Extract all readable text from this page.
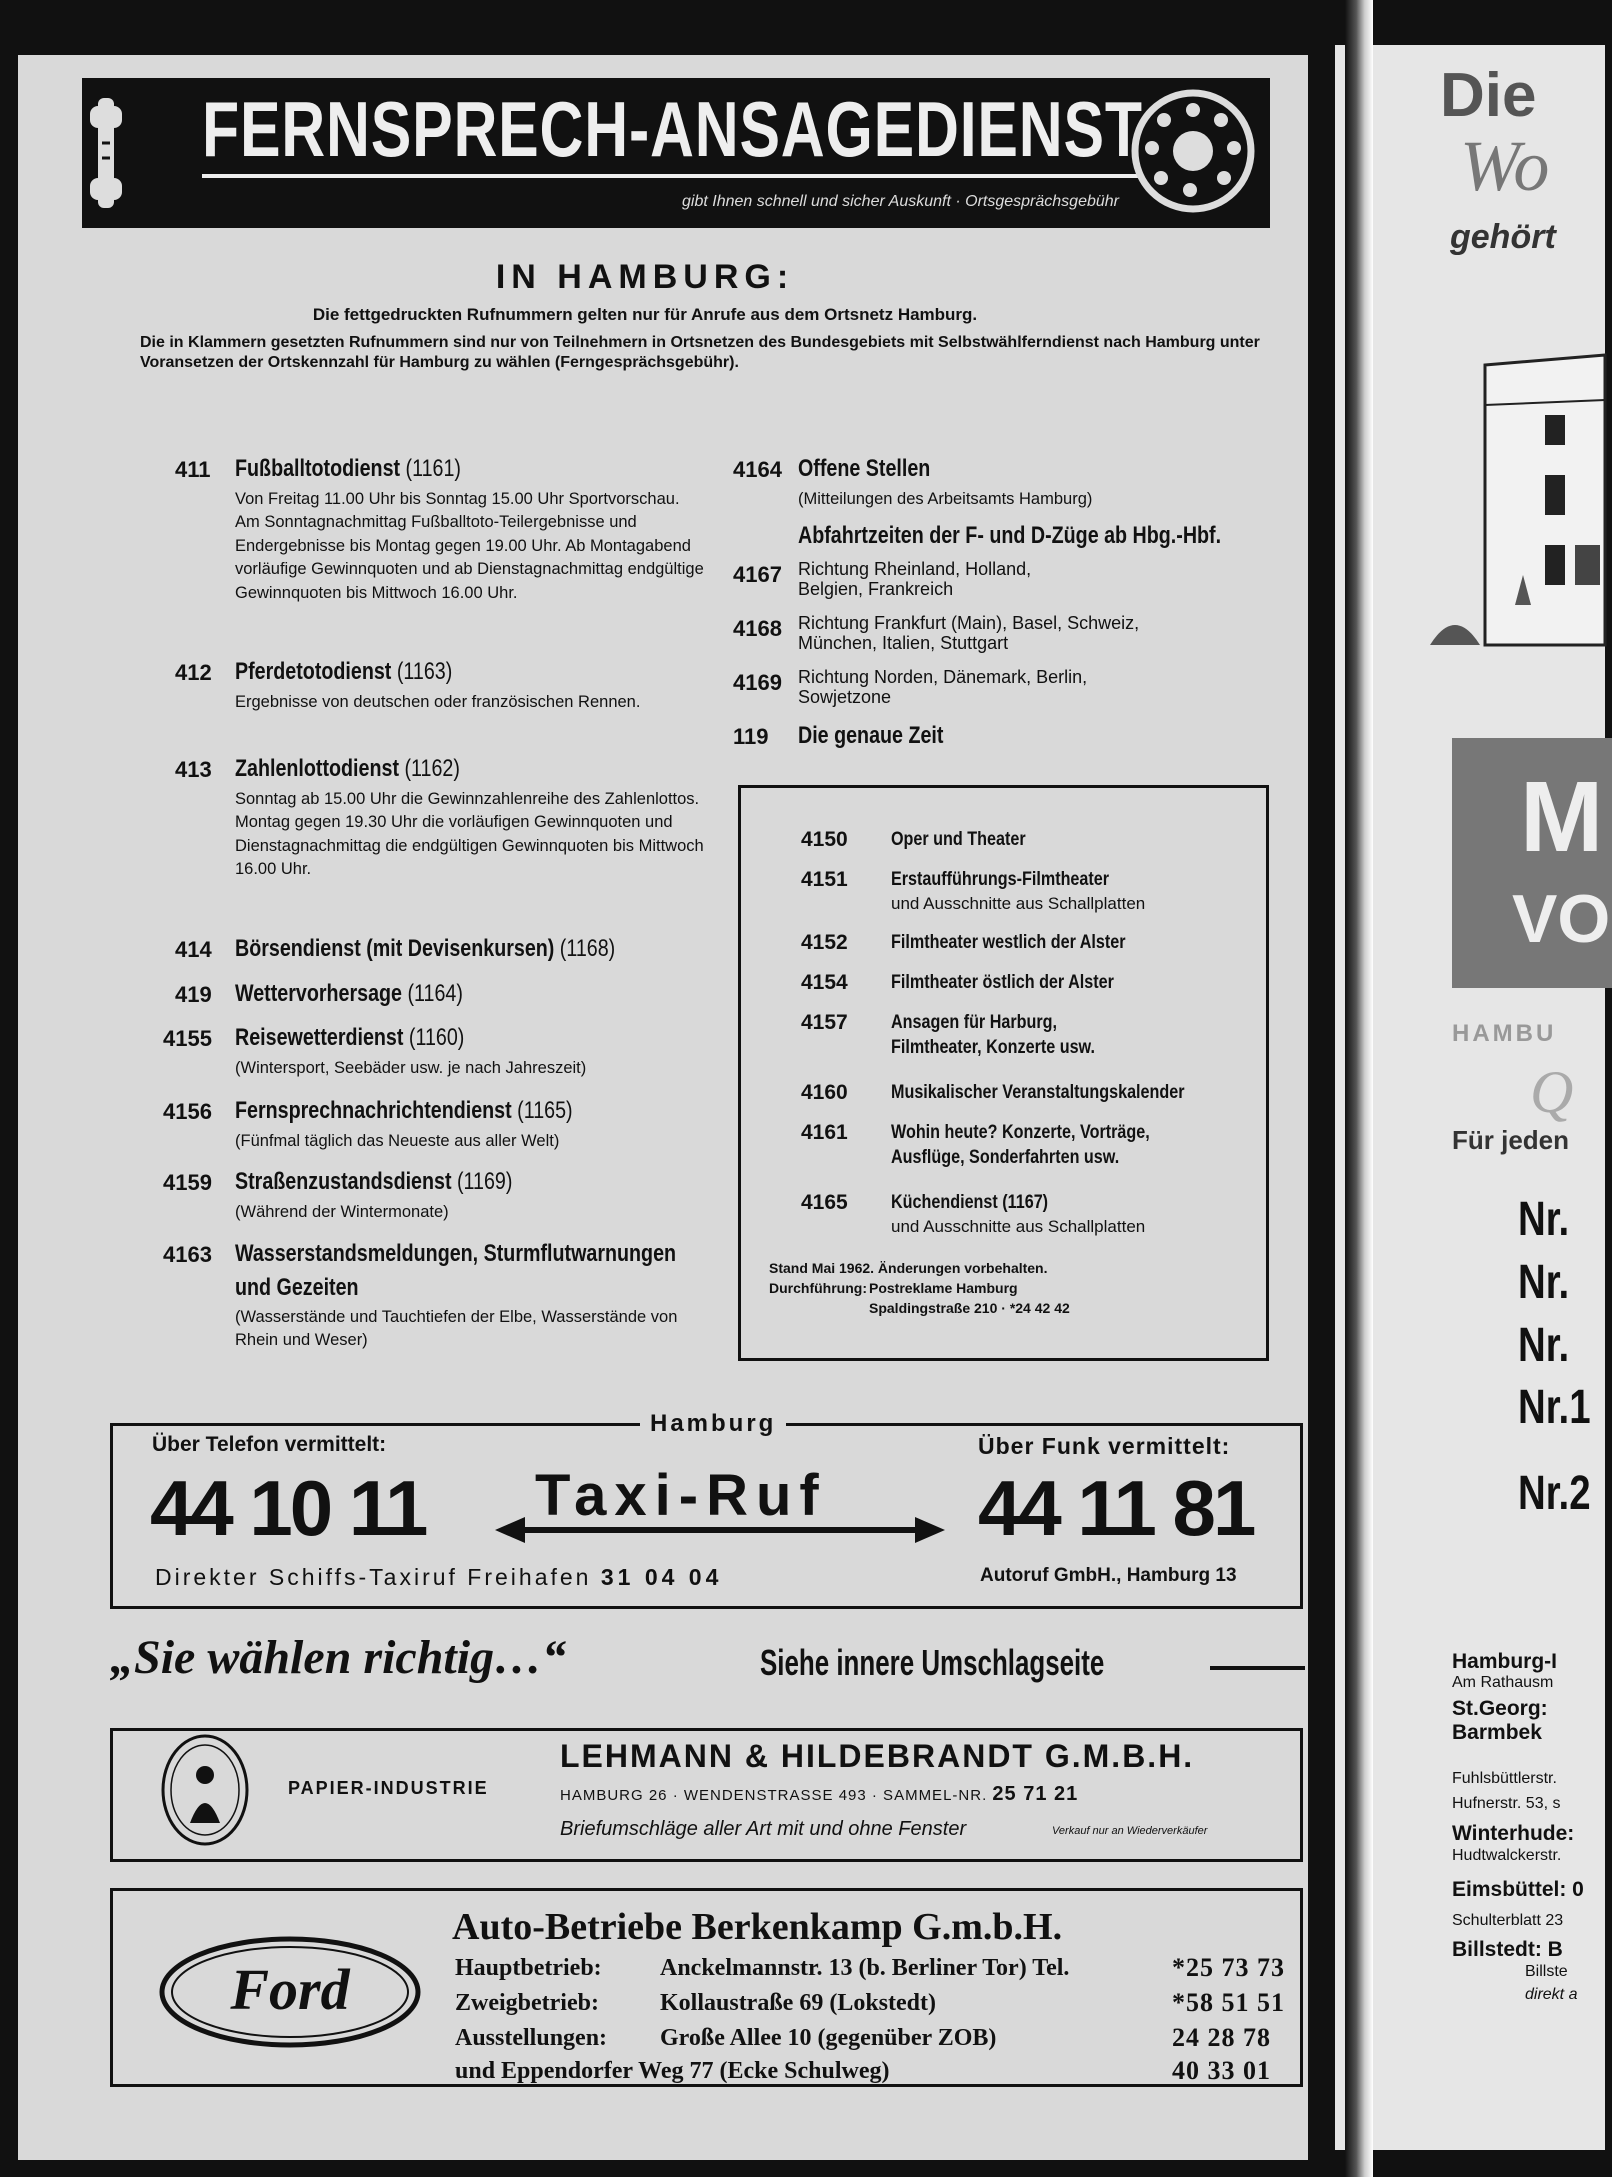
FERNSPRECH-ANSAGEDIENST
gibt Ihnen schnell und sicher Auskunft · Ortsgesprächsgebühr
IN HAMBURG:
Die fettgedruckten Rufnummern gelten nur für Anrufe aus dem Ortsnetz Hamburg.
Die in Klammern gesetzten Rufnummern sind nur von Teilnehmern in Ortsnetzen des Bundesgebiets mit Selbstwählferndienst nach Hamburg unter Voransetzen der Ortskennzahl für Hamburg zu wählen (Ferngesprächsgebühr).
411 Fußballtotodienst (1161)
Von Freitag 11.00 Uhr bis Sonntag 15.00 Uhr Sportvorschau. Am Sonntagnachmittag Fußballtoto-Teilergebnisse und Endergebnisse bis Montag gegen 19.00 Uhr. Ab Montagabend vorläufige Gewinnquoten und ab Dienstagnachmittag endgültige Gewinnquoten bis Mittwoch 16.00 Uhr.
412 Pferdetotodienst (1163)
Ergebnisse von deutschen oder französischen Rennen.
413 Zahlenlottodienst (1162)
Sonntag ab 15.00 Uhr die Gewinnzahlenreihe des Zahlenlottos. Montag gegen 19.30 Uhr die vorläufigen Gewinnquoten und Dienstagnachmittag die endgültigen Gewinnquoten bis Mittwoch 16.00 Uhr.
414 Börsendienst (mit Devisenkursen) (1168)
419 Wettervorhersage (1164)
4155 Reisewetterdienst (1160)
(Wintersport, Seebäder usw. je nach Jahreszeit)
4156 Fernsprechnachrichtendienst (1165)
(Fünfmal täglich das Neueste aus aller Welt)
4159 Straßenzustandsdienst (1169)
(Während der Wintermonate)
4163 Wasserstandsmeldungen, Sturmflutwarnungen
und Gezeiten
(Wasserstände und Tauchtiefen der Elbe, Wasserstände von Rhein und Weser)
4164 Offene Stellen
(Mitteilungen des Arbeitsamts Hamburg)
Abfahrtzeiten der F- und D-Züge ab Hbg.-Hbf.
4167 Richtung Rheinland, Holland, Belgien, Frankreich
4168 Richtung Frankfurt (Main), Basel, Schweiz, München, Italien, Stuttgart
4169 Richtung Norden, Dänemark, Berlin, Sowjetzone
119 Die genaue Zeit
4150 Oper und Theater
4151 Erstaufführungs-Filmtheater
und Ausschnitte aus Schallplatten
4152 Filmtheater westlich der Alster
4154 Filmtheater östlich der Alster
4157 Ansagen für Harburg, Filmtheater, Konzerte usw.
4160 Musikalischer Veranstaltungskalender
4161 Wohin heute? Konzerte, Vorträge, Ausflüge, Sonderfahrten usw.
4165 Küchendienst (1167)
und Ausschnitte aus Schallplatten
Stand Mai 1962. Änderungen vorbehalten.
Durchführung: Postreklame Hamburg
Spaldingstraße 210 · *24 42 42
Hamburg
Über Telefon vermittelt:
44 10 11 Taxi-Ruf
Über Funk vermittelt:
44 11 81
Direkter Schiffs-Taxiruf Freihafen 31 04 04	Autoruf GmbH., Hamburg 13
„Sie wählen richtig…“	Siehe innere Umschlagseite
PAPIER-INDUSTRIE
LEHMANN & HILDEBRANDT G.M.B.H.
HAMBURG 26 · WENDENSTRASSE 493 · SAMMEL-NR. 25 71 21
Briefumschläge aller Art mit und ohne Fenster	Verkauf nur an Wiederverkäufer
Ford
Auto-Betriebe Berkenkamp G.m.b.H.
Hauptbetrieb: Anckelmannstr. 13 (b. Berliner Tor) Tel.	*25 73 73
Zweigbetrieb:	Kollaustraße 69 (Lokstedt)	*58 51 51
Ausstellungen: Große Allee 10 (gegenüber ZOB)	24 28 78
und Eppendorfer Weg 77 (Ecke Schulweg)	40 33 01
Die
Wo
gehört
M
VO
HAMBU
Q
Für jeden
Nr.
Nr.
Nr.
Nr.1
Nr.2
Hamburg-I
Am Rathausm
St.Georg:
Barmbek
Fuhlsbüttlerstr.
Hufnerstr. 53, s
Winterhude:
Hudtwalckerstr.
Eimsbüttel: 0
Schulterblatt 23
Billstedt: B
Billste
direkt a
